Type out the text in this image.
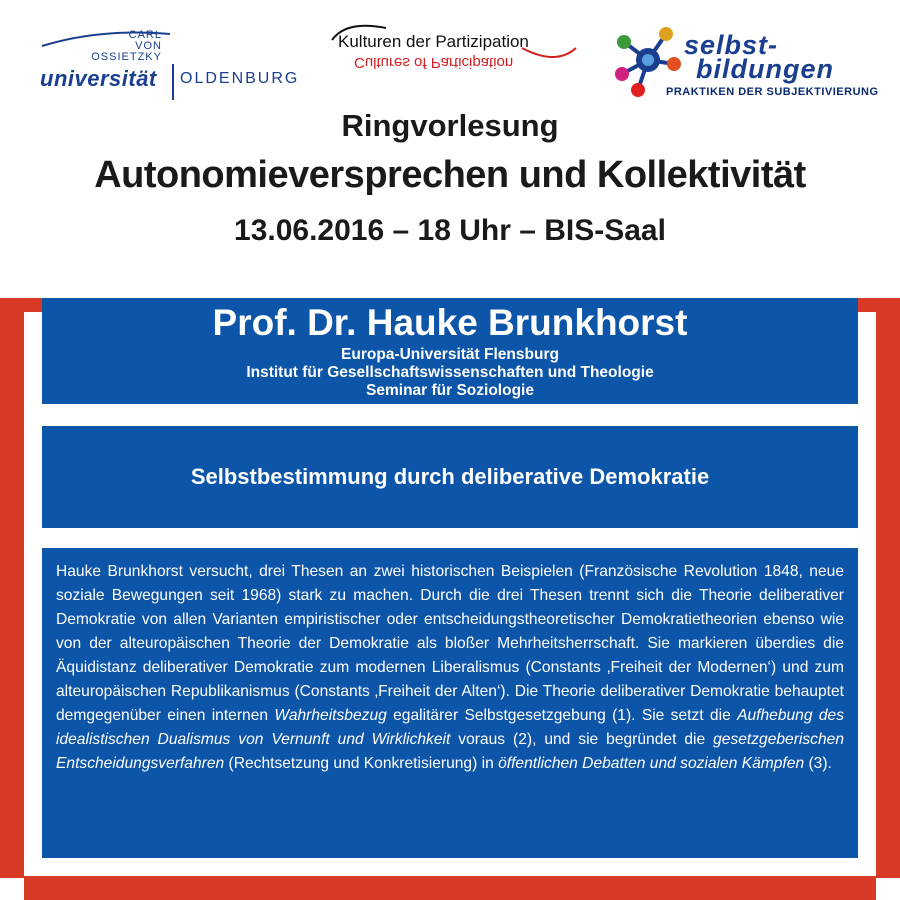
CARL
VON
OSSIETZKY
universität OLDENBURG
Kulturen der Partizipation
Cultures of Participation
selbst-
bildungen
PRAKTIKEN DER SUBJEKTIVIERUNG
Ringvorlesung
Autonomieversprechen und Kollektivität
13.06.2016 – 18 Uhr – BIS-Saal
Prof. Dr. Hauke Brunkhorst
Europa-Universität Flensburg
Institut für Gesellschaftswissenschaften und Theologie
Seminar für Soziologie
Selbstbestimmung durch deliberative Demokratie
Hauke Brunkhorst versucht, drei Thesen an zwei historischen Beispielen (Französische Revolution 1848, neue soziale Bewegungen seit 1968) stark zu machen. Durch die drei Thesen trennt sich die Theorie deliberativer Demokratie von allen Varianten empiristischer oder entscheidungstheoretischer Demokratietheorien ebenso wie von der alteuropäischen Theorie der Demokratie als bloßer Mehrheitsherrschaft. Sie markieren überdies die Äquidistanz deliberativer Demokratie zum modernen Liberalismus (Constants ‚Freiheit der Modernen‘) und zum alteuropäischen Republikanismus (Constants ‚Freiheit der Alten‘). Die Theorie deliberativer Demokratie behauptet demgegenüber einen internen Wahrheitsbezug egalitärer Selbstgesetzgebung (1). Sie setzt die Aufhebung des idealistischen Dualismus von Vernunft und Wirklichkeit voraus (2), und sie begründet die gesetzgeberischen Entscheidungsverfahren (Rechtsetzung und Konkretisierung) in öffentlichen Debatten und sozialen Kämpfen (3).
